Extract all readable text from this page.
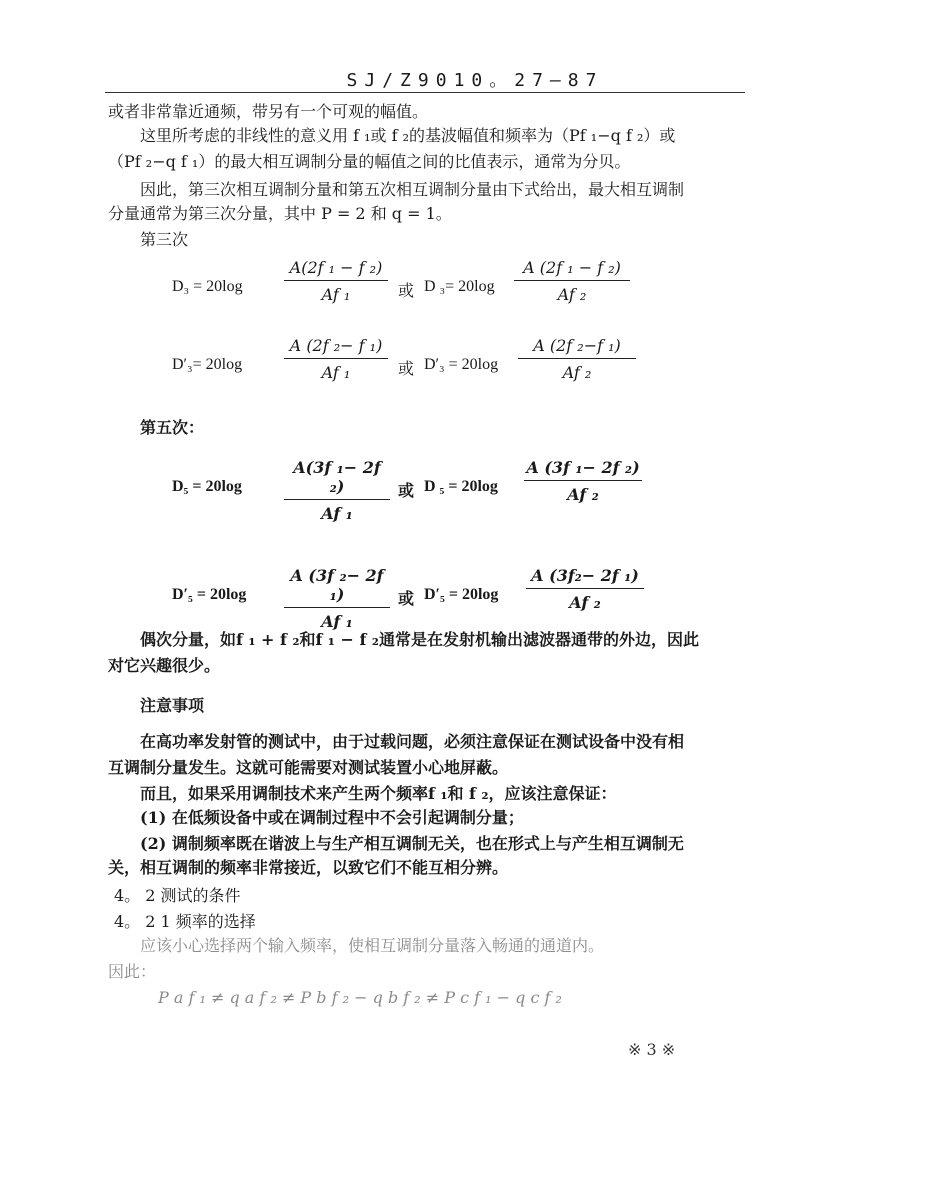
SJ/Z9010。27—87
或者非常靠近通频，带另有一个可观的幅值。
这里所考虑的非线性的意义用 f ₁或 f ₂的基波幅值和频率为（Pf ₁−q f ₂）或
（Pf ₂−q f ₁）的最大相互调制分量的幅值之间的比值表示，通常为分贝。
因此，第三次相互调制分量和第五次相互调制分量由下式给出，最大相互调制
分量通常为第三次分量，其中 P = 2 和 q = 1。
第三次
D₃ = 20log
A(2f ₁ − f ₂)
Af ₁	或 D ₃= 20log
A (2f ₁ − f ₂)
Af ₂
D′₃= 20log
A (2f ₂− f ₁)
Af ₁	或 D′₃ = 20log
A (2f ₂−f ₁)
Af ₂
第五次：
D₅ = 20log
A(3f ₁− 2f ₂)
Af ₁
或 D ₅ = 20log
A (3f ₁− 2f ₂)
Af ₂
D′₅ = 20log
A (3f ₂− 2f ₁)
Af ₁
或 D′₅ = 20log
A (3f₂− 2f ₁)
Af ₂
偶次分量，如f ₁ + f ₂和f ₁ − f ₂通常是在发射机输出滤波器通带的外边，因此
对它兴趣很少。
注意事项
在高功率发射管的测试中，由于过载问题，必须注意保证在测试设备中没有相
互调制分量发生。这就可能需要对测试装置小心地屏蔽。
而且，如果采用调制技术来产生两个频率f ₁和 f ₂，应该注意保证：
(1) 在低频设备中或在调制过程中不会引起调制分量；
(2) 调制频率既在谐波上与生产相互调制无关，也在形式上与产生相互调制无
关，相互调制的频率非常接近，以致它们不能互相分辨。
4。 2 测试的条件
4。 2 1 频率的选择
应该小心选择两个输入频率，使相互调制分量落入畅通的通道内。
因此：
P a f ₁ ≠ q a f ₂ ≠ P b f ₂ − q b f ₂ ≠ P c f ₁ − q c f ₂
※ 3 ※
